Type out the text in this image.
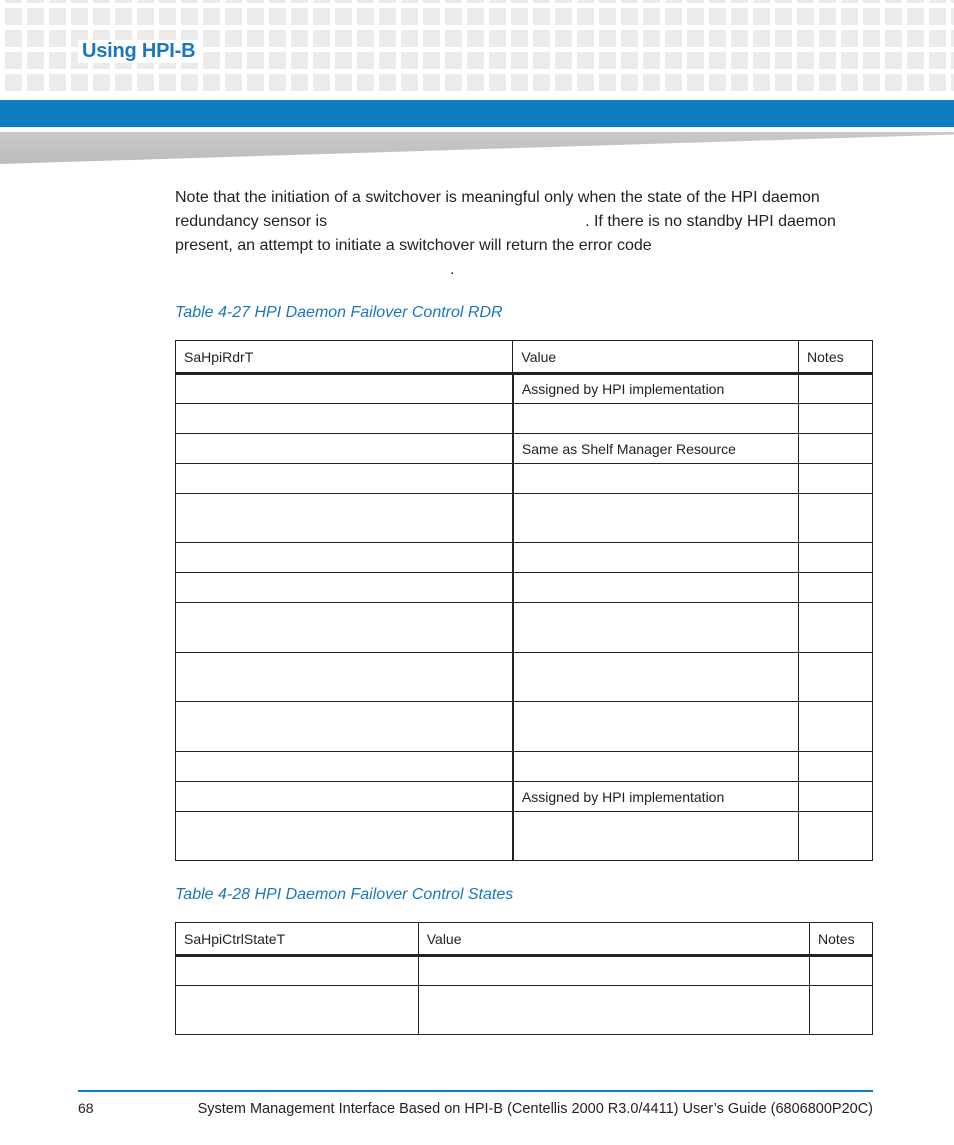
Using HPI-B
Note that the initiation of a switchover is meaningful only when the state of the HPI daemon
redundancy sensor is	. If there is no standby HPI daemon
present, an attempt to initiate a switchover will return the error code
.
Table 4-27 HPI Daemon Failover Control RDR
SaHpiRdrT	Value	Notes
	Assigned by HPI implementation	

	Same as Shelf Manager Resource	

	Assigned by HPI implementation	

Table 4-28 HPI Daemon Failover Control States
SaHpiCtrlStateT	Value	Notes

68	System Management Interface Based on HPI-B (Centellis 2000 R3.0/4411) User’s Guide (6806800P20C)
